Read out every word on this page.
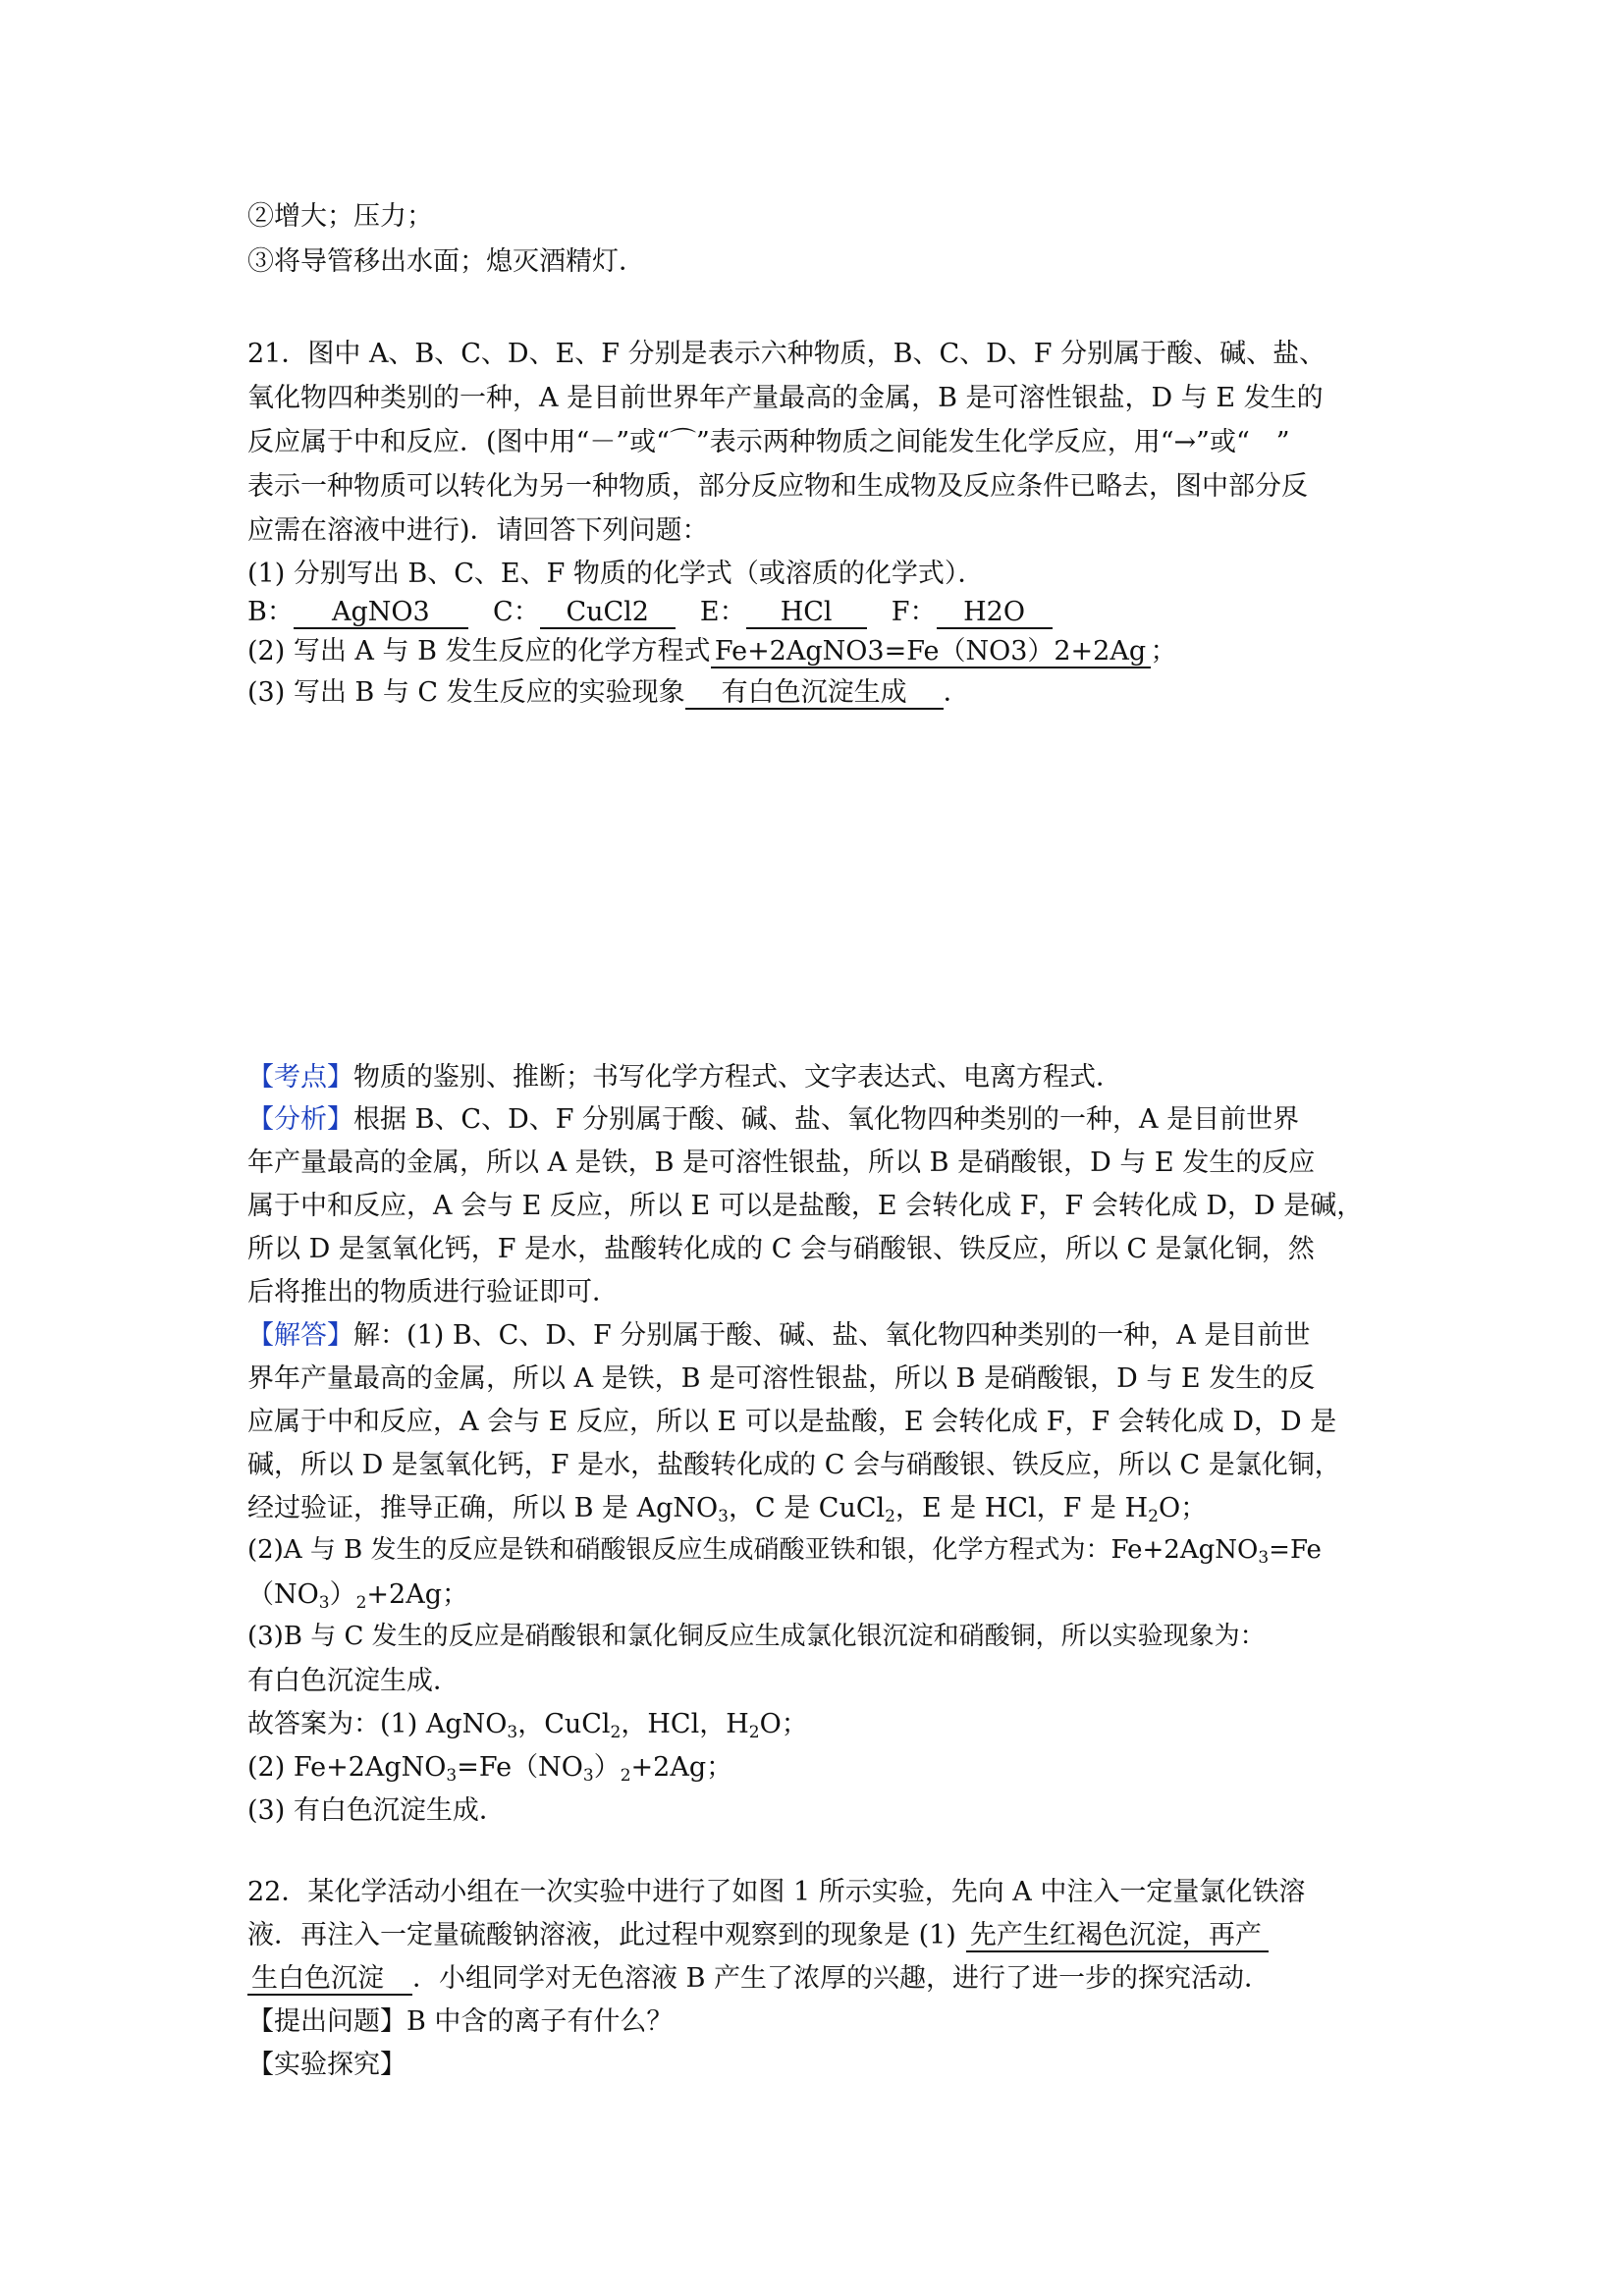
②增大；压力；
③将导管移出水面；熄灭酒精灯．
21．图中 A、B、C、D、E、F 分别是表示六种物质，B、C、D、F 分别属于酸、碱、盐、
氧化物四种类别的一种，A 是目前世界年产量最高的金属，B 是可溶性银盐，D 与 E 发生的
反应属于中和反应．(图中用“－”或“⌒”表示两种物质之间能发生化学反应，用“→”或“　”
表示一种物质可以转化为另一种物质，部分反应物和生成物及反应条件已略去，图中部分反
应需在溶液中进行)．请回答下列问题：
(1) 分别写出 B、C、E、F 物质的化学式（或溶质的化学式）．
B： AgNO3 C： CuCl2 E： HCl F： H2O
(2) 写出 A 与 B 发生反应的化学方程式 Fe+2AgNO3=Fe（NO3）2+2Ag ；
(3) 写出 B 与 C 发生反应的实验现象 有白色沉淀生成 ．
【考点】物质的鉴别、推断；书写化学方程式、文字表达式、电离方程式．
【分析】根据 B、C、D、F 分别属于酸、碱、盐、氧化物四种类别的一种，A 是目前世界
年产量最高的金属，所以 A 是铁，B 是可溶性银盐，所以 B 是硝酸银，D 与 E 发生的反应
属于中和反应，A 会与 E 反应，所以 E 可以是盐酸，E 会转化成 F，F 会转化成 D，D 是碱，
所以 D 是氢氧化钙，F 是水，盐酸转化成的 C 会与硝酸银、铁反应，所以 C 是氯化铜，然
后将推出的物质进行验证即可．
【解答】解：(1) B、C、D、F 分别属于酸、碱、盐、氧化物四种类别的一种，A 是目前世
界年产量最高的金属，所以 A 是铁，B 是可溶性银盐，所以 B 是硝酸银，D 与 E 发生的反
应属于中和反应，A 会与 E 反应，所以 E 可以是盐酸，E 会转化成 F，F 会转化成 D，D 是
碱，所以 D 是氢氧化钙，F 是水，盐酸转化成的 C 会与硝酸银、铁反应，所以 C 是氯化铜，
经过验证，推导正确，所以 B 是 AgNO$_3$，C 是 CuCl$_2$，E 是 HCl，F 是 $H_2O$；
(2)A 与 B 发生的反应是铁和硝酸银反应生成硝酸亚铁和银，化学方程式为：Fe+2AgNO$_3$=Fe
$(NO_3)_2+2Ag$；
(3)B 与 C 发生的反应是硝酸银和氯化铜反应生成氯化银沉淀和硝酸铜，所以实验现象为：
有白色沉淀生成．
故答案为：(1) AgNO$_3$，CuCl$_2$，HCl，$H_2O$；
(2) $Fe+2AgNO_3=Fe(NO_3)_2+2Ag$；
(3) 有白色沉淀生成．
22．某化学活动小组在一次实验中进行了如图 1 所示实验，先向 A 中注入一定量氯化铁溶
液．再注入一定量硫酸钠溶液，此过程中观察到的现象是 (1) 先产生红褐色沉淀，再产
生白色沉淀 ．小组同学对无色溶液 B 产生了浓厚的兴趣，进行了进一步的探究活动．
【提出问题】B 中含的离子有什么？
【实验探究】
